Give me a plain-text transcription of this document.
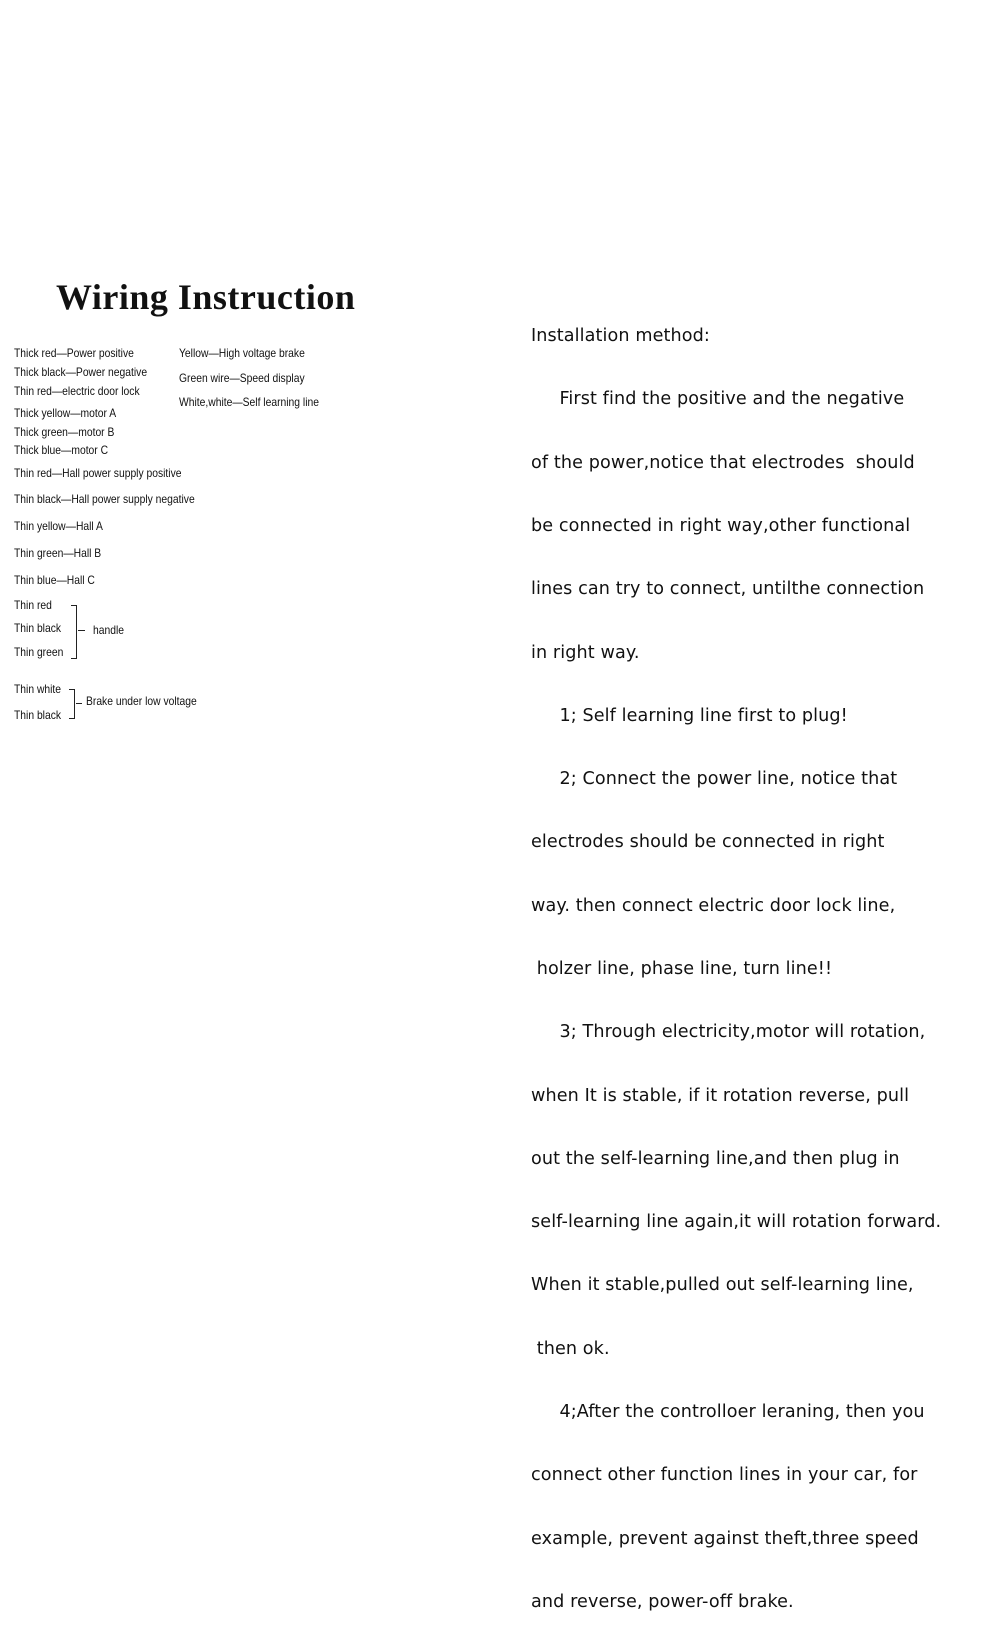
Wiring Instruction
Thick red—Power positive
Thick black—Power negative
Thin red—electric door lock
Thick yellow—motor A
Thick green—motor B
Thick blue—motor C
Thin red—Hall power supply positive
Thin black—Hall power supply negative
Thin yellow—Hall A
Thin green—Hall B
Thin blue—Hall C
Yellow—High voltage brake
Green wire—Speed display
White,white—Self learning line
Thin red
Thin black
Thin green
handle
Thin white
Thin black
Brake under low voltage

Installation method:

First find the positive and the negative

of the power,notice that electrodes  should

be connected in right way,other functional

lines can try to connect, untilthe connection

in right way.

1; Self learning line first to plug!

2; Connect the power line, notice that

electrodes should be connected in right

way. then connect electric door lock line,

holzer line, phase line, turn line!!

3; Through electricity,motor will rotation,

when It is stable, if it rotation reverse, pull

out the self-learning line,and then plug in

self-learning line again,it will rotation forward.

When it stable,pulled out self-learning line,

then ok.

4;After the controlloer leraning, then you

connect other function lines in your car, for

example, prevent against theft,three speed

and reverse, power-off brake.
